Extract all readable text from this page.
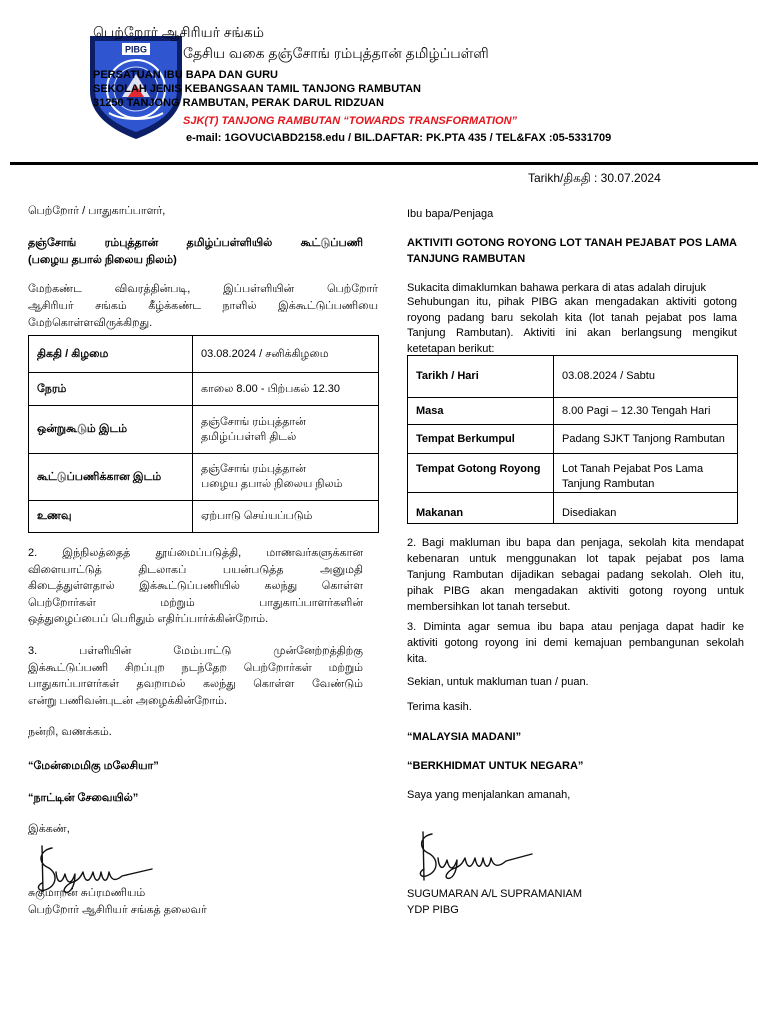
PIBG
பெற்றோர் ஆசிரியர் சங்கம்
தேசிய வகை தஞ்சோங் ரம்புத்தான் தமிழ்ப்பள்ளி
PERSATUAN IBU BAPA DAN GURU
SEKOLAH JENIS KEBANGSAAN TAMIL TANJONG RAMBUTAN
31250 TANJONG RAMBUTAN, PERAK DARUL RIDZUAN
SJK(T) TANJONG RAMBUTAN “TOWARDS TRANSFORMATION”
e-mail: 1GOVUC\ABD2158.edu / BIL.DAFTAR: PK.PTA 435 / TEL&FAX :05-5331709
Tarikh/திகதி : 30.07.2024
பெற்றோர் / பாதுகாப்பாளர்,
தஞ்சோங் ரம்புத்தான் தமிழ்ப்பள்ளியில் கூட்டுப்பணி
(பழைய தபால் நிலைய நிலம்)
மேற்கண்ட விவரத்தின்படி, இப்பள்ளியின் பெற்றோர்
ஆசிரியர் சங்கம் கீழ்க்கண்ட நாளில் இக்கூட்டுப்பணியை
மேற்கொள்ளவிருக்கிறது.
திகதி / கிழமை	03.08.2024 / சனிக்கிழமை

நேரம்	காலை 8.00 - பிற்பகல் 12.30

ஒன்றுகூடும் இடம்	தஞ்சோங் ரம்புத்தான்
தமிழ்ப்பள்ளி திடல்

கூட்டுப்பணிக்கான இடம்	தஞ்சோங் ரம்புத்தான்
பழைய தபால் நிலைய நிலம்

உணவு	ஏற்பாடு செய்யப்படும்
2. இந்நிலத்தைத் தூய்மைப்படுத்தி, மாணவர்களுக்கான
விளையாட்டுத் திடலாகப் பயன்படுத்த அனுமதி
கிடைத்துள்ளதால் இக்கூட்டுப்பணியில் கலந்து கொள்ள
பெற்றோர்கள் மற்றும் பாதுகாப்பாளர்களின்
ஒத்துழைப்பைப் பெரிதும் எதிர்ப்பார்க்கின்றோம்.
3. பள்ளியின் மேம்பாட்டு முன்னேற்றத்திற்கு
இக்கூட்டுப்பணி சிறப்புற நடந்தேற பெற்றோர்கள் மற்றும்
பாதுகாப்பாளர்கள் தவறாமல் கலந்து கொள்ள வேண்டும்
என்று பணிவன்புடன் அழைக்கின்றோம்.
நன்றி, வணக்கம்.
“மேன்மைமிகு மலேசியா”
“நாட்டின் சேவையில்”
இக்கண்,
சுகுமாறன் சுப்ரமணியம்
பெற்றோர் ஆசிரியர் சங்கத் தலைவர்
Ibu bapa/Penjaga
AKTIVITI GOTONG ROYONG LOT TANAH PEJABAT POS LAMA
TANJUNG RAMBUTAN
Sukacita dimaklumkan bahawa perkara di atas adalah dirujuk
Sehubungan itu, pihak PIBG akan mengadakan aktiviti gotong
royong padang baru sekolah kita (lot tanah pejabat pos lama
Tanjung Rambutan). Aktiviti ini akan berlangsung mengikut
ketetapan berikut:
Tarikh / Hari	03.08.2024 / Sabtu

Masa	8.00 Pagi – 12.30 Tengah Hari

Tempat Berkumpul	Padang SJKT Tanjong Rambutan

Tempat Gotong Royong	Lot Tanah Pejabat Pos Lama
Tanjung Rambutan

Makanan	Disediakan
2. Bagi makluman ibu bapa dan penjaga, sekolah kita mendapat
kebenaran untuk menggunakan lot tapak pejabat pos lama
Tanjung Rambutan dijadikan sebagai padang sekolah. Oleh itu,
pihak PIBG akan mengadakan aktiviti gotong royong untuk
membersihkan lot tanah tersebut.
3. Diminta agar semua ibu bapa atau penjaga dapat hadir ke
aktiviti gotong royong ini demi kemajuan pembangunan sekolah
kita.
Sekian, untuk makluman tuan / puan.
Terima kasih.
“MALAYSIA MADANI”
“BERKHIDMAT UNTUK NEGARA”
Saya yang menjalankan amanah,
SUGUMARAN A/L SUPRAMANIAM
YDP PIBG
